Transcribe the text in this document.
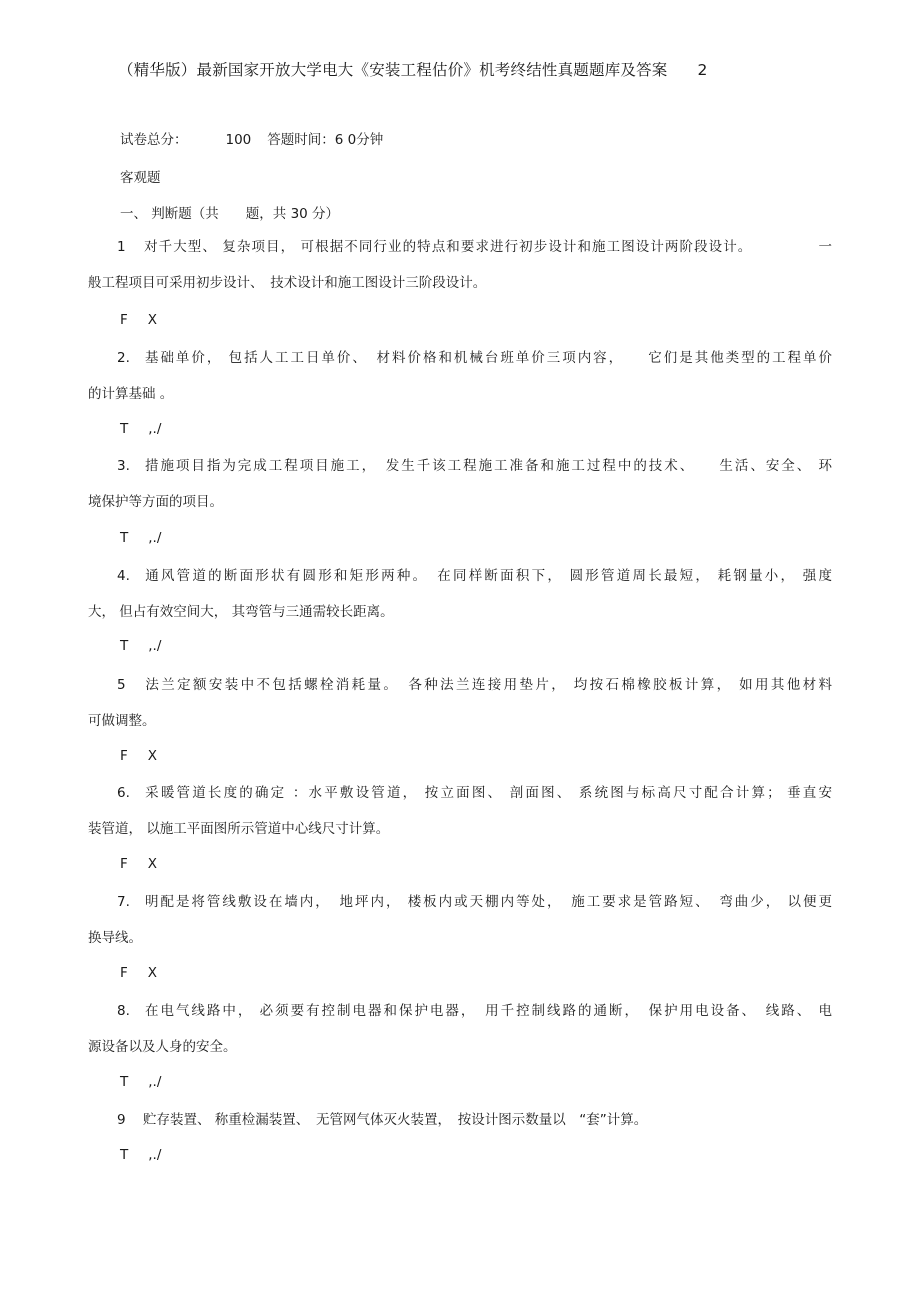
（精华版）最新国家开放大学电大《安装工程估价》机考终结性真题题库及答案 2
试卷总分：	100 答题时间：6 0分钟
客观题
一、 判断题（共　　题，共 30 分）
1 对千大型、 复杂项目， 可根据不同行业的特点和要求进行初步设计和施工图设计两阶段设计。　　　　　一
般工程项目可采用初步设计、　技术设计和施工图设计三阶段设计。
F X
2. 基础单价， 包括人工工日单价、　材料价格和机械台班单价三项内容，　　它们是其他类型的工程单价
的计算基础 。
T ,./
3. 措施项目指为完成工程项目施工，　发生千该工程施工准备和施工过程中的技术、　　生活、安全、 环
境保护等方面的项目。
T ,./
4. 通风管道的断面形状有圆形和矩形两种。　在同样断面积下， 圆形管道周长最短， 耗钢量小， 强度
大， 但占有效空间大， 其弯管与三通需较长距离。
T ,./
5 法兰定额安装中不包括螺栓消耗量。　各种法兰连接用垫片， 均按石棉橡胶板计算， 如用其他材料
可做调整。
F X
6. 采暖管道长度的确定 ：水平敷设管道， 按立面图、 剖面图、 系统图与标高尺寸配合计算； 垂直安
装管道， 以施工平面图所示管道中心线尺寸计算。
F X
7. 明配是将管线敷设在墙内，　地坪内， 楼板内或天棚内等处，　施工要求是管路短、　弯曲少， 以便更
换导线。
F X
8. 在电气线路中， 必须要有控制电器和保护电器，　用千控制线路的通断，　保护用电设备、　线路、 电
源设备以及人身的安全。
T ,./
9 贮存装置、 称重检漏装置、　无管网气体灭火装置，　按设计图示数量以　“套”计算。
T ,./
